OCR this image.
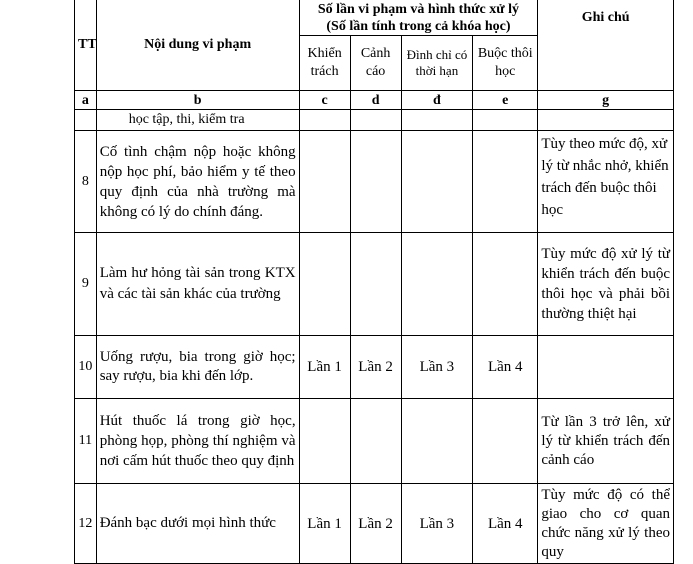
TT	Nội dung vi phạm	Số lần vi phạm và hình thức xử lý
(Số lần tính trong cả khóa học)				Ghi chú
		Khiển trách	Cảnh cáo	Đình chỉ có thời hạn	Buộc thôi học	
a	b	c	d	đ	e	g
	học tập, thi, kiểm tra					
8	Cố tình chậm nộp hoặc không nộp học phí, bảo hiểm y tế theo quy định của nhà trường mà không có lý do chính đáng.					Tùy theo mức độ, xử lý từ nhắc nhở, khiển trách đến buộc thôi học
9	Làm hư hỏng tài sản trong KTX và các tài sản khác của trường					Tùy mức độ xử lý từ khiển trách đến buộc thôi học và phải bồi thường thiệt hại
10	Uống rượu, bia trong giờ học; say rượu, bia khi đến lớp.	Lần 1	Lần 2	Lần 3	Lần 4	
11	Hút thuốc lá trong giờ học, phòng họp, phòng thí nghiệm và nơi cấm hút thuốc theo quy định					Từ lần 3 trở lên, xử lý từ khiển trách đến cảnh cáo
12	Đánh bạc dưới mọi hình thức	Lần 1	Lần 2	Lần 3	Lần 4	Tùy mức độ có thể giao cho cơ quan chức năng xử lý theo quy
